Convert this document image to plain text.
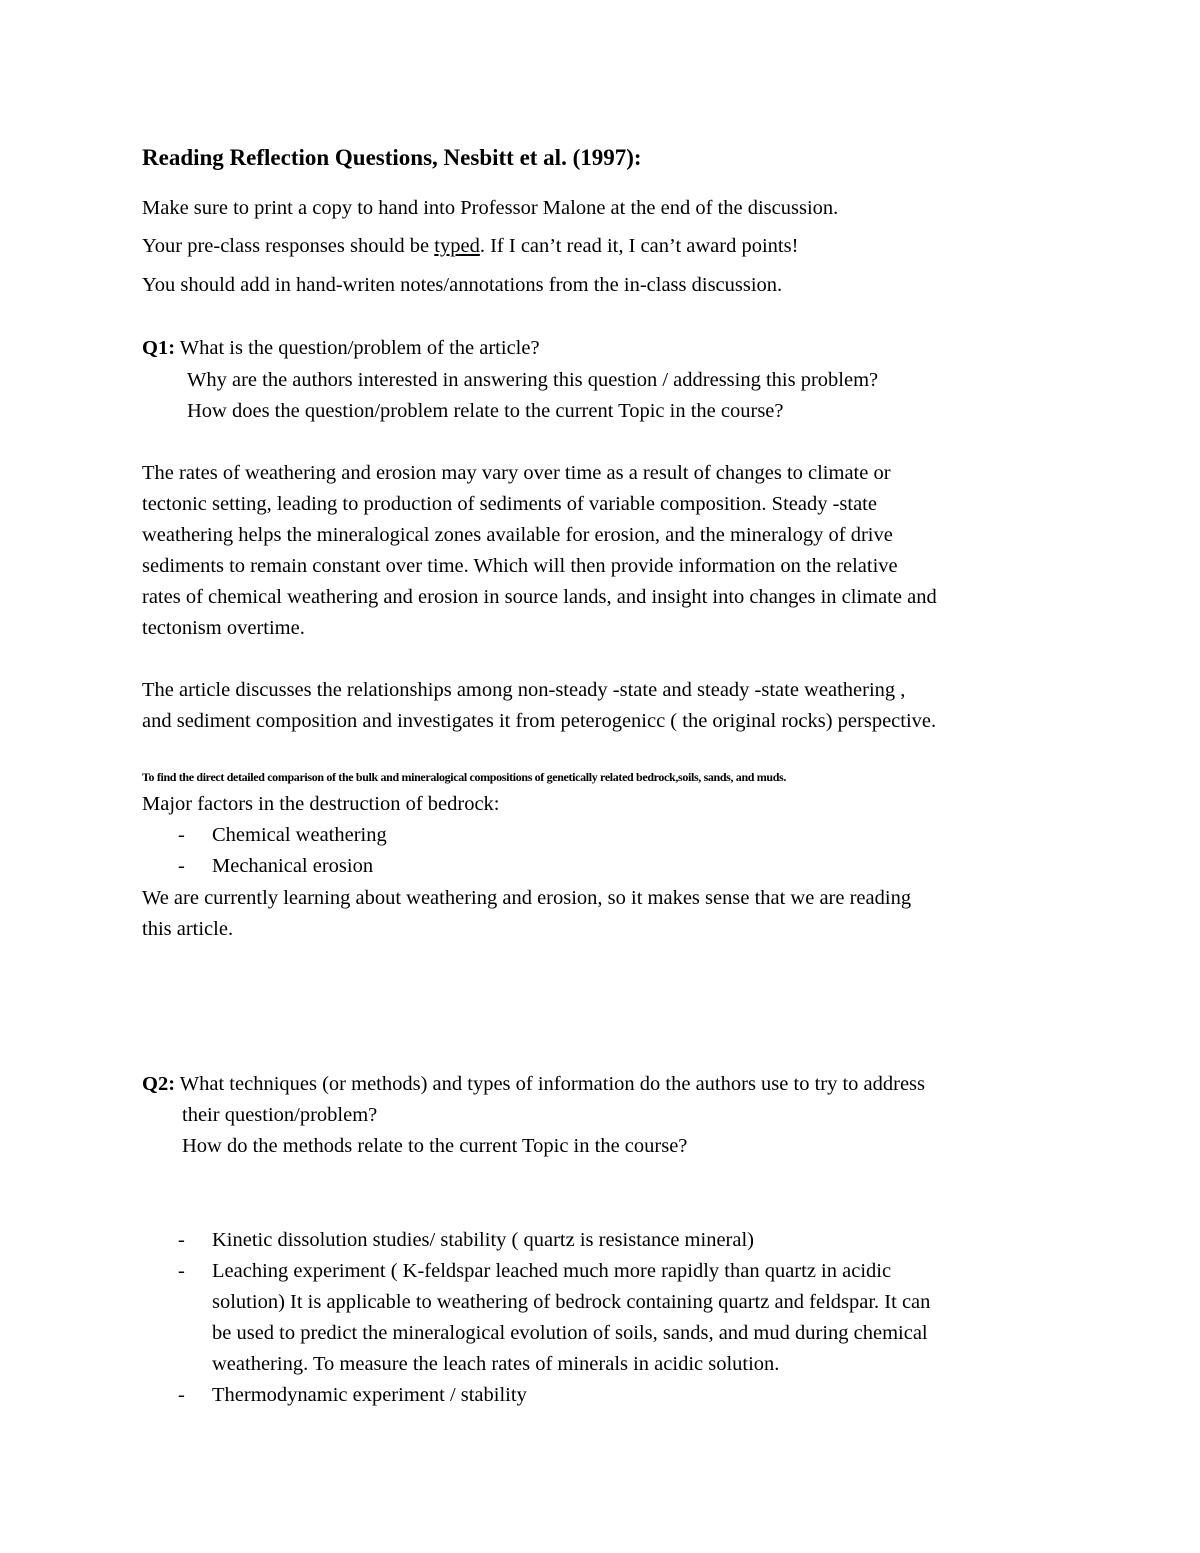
Reading Reflection Questions, Nesbitt et al. (1997):

Make sure to print a copy to hand into Professor Malone at the end of the discussion.

Your pre-class responses should be typed. If I can’t read it, I can’t award points!

You should add in hand-writen notes/annotations from the in-class discussion.

Q1: What is the question/problem of the article?

Why are the authors interested in answering this question / addressing this problem?

How does the question/problem relate to the current Topic in the course?

The rates of weathering and erosion may vary over time as a result of changes to climate or

tectonic setting, leading to production of sediments of variable composition. Steady -state

weathering helps the mineralogical zones available for erosion, and the mineralogy of drive

sediments to remain constant over time. Which will then provide information on the relative

rates of chemical weathering and erosion in source lands, and insight into changes in climate and

tectonism overtime.

The article discusses the relationships among non-steady -state and steady -state weathering ,

and sediment composition and investigates it from peterogenicc ( the original rocks) perspective.

To find the direct detailed comparison of the bulk and mineralogical compositions of genetically related bedrock,soils, sands, and muds.

Major factors in the destruction of bedrock:

- Chemical weathering

- Mechanical erosion

We are currently learning about weathering and erosion, so it makes sense that we are reading

this article.

Q2: What techniques (or methods) and types of information do the authors use to try to address

their question/problem?

How do the methods relate to the current Topic in the course?

- Kinetic dissolution studies/ stability ( quartz is resistance mineral)

- Leaching experiment ( K-feldspar leached much more rapidly than quartz in acidic

solution) It is applicable to weathering of bedrock containing quartz and feldspar. It can

be used to predict the mineralogical evolution of soils, sands, and mud during chemical

weathering. To measure the leach rates of minerals in acidic solution.

- Thermodynamic experiment / stability
